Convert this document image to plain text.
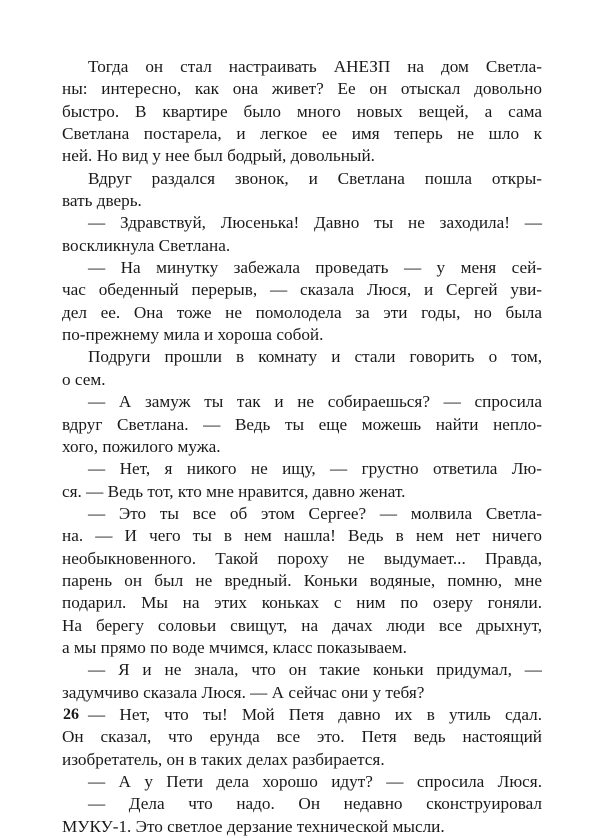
Тогда он стал настраивать АНЕЗП на дом Светла-
ны: интересно, как она живет? Ее он отыскал довольно
быстро. В квартире было много новых вещей, а сама
Светлана постарела, и легкое ее имя теперь не шло к
ней. Но вид у нее был бодрый, довольный.
Вдруг раздался звонок, и Светлана пошла откры-
вать дверь.
— Здравствуй, Люсенька! Давно ты не заходила! —
воскликнула Светлана.
— На минутку забежала проведать — у меня сей-
час обеденный перерыв, — сказала Люся, и Сергей уви-
дел ее. Она тоже не помолодела за эти годы, но была
по-прежнему мила и хороша собой.
Подруги прошли в комнату и стали говорить о том,
о сем.
— А замуж ты так и не собираешься? — спросила
вдруг Светлана. — Ведь ты еще можешь найти непло-
хого, пожилого мужа.
— Нет, я никого не ищу, — грустно ответила Лю-
ся. — Ведь тот, кто мне нравится, давно женат.
— Это ты все об этом Сергее? — молвила Светла-
на. — И чего ты в нем нашла! Ведь в нем нет ничего
необыкновенного. Такой пороху не выдумает... Правда,
парень он был не вредный. Коньки водяные, помню, мне
подарил. Мы на этих коньках с ним по озеру гоняли.
На берегу соловьи свищут, на дачах люди все дрыхнут,
а мы прямо по воде мчимся, класс показываем.
— Я и не знала, что он такие коньки придумал, —
задумчиво сказала Люся. — А сейчас они у тебя?
— Нет, что ты! Мой Петя давно их в утиль сдал.
Он сказал, что ерунда все это. Петя ведь настоящий
изобретатель, он в таких делах разбирается.
— А у Пети дела хорошо идут? — спросила Люся.
— Дела что надо. Он недавно сконструировал
МУКУ-1. Это светлое дерзание технической мысли.
26
